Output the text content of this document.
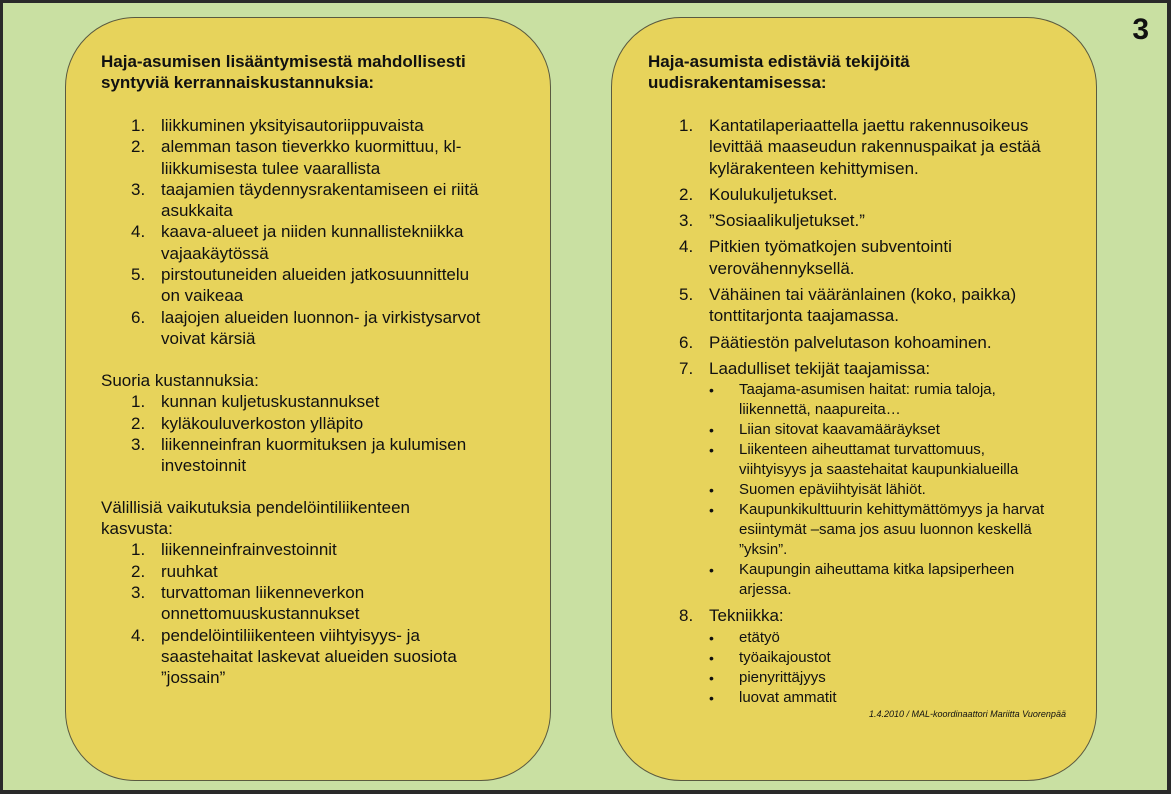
3
Haja-asumisen lisääntymisestä mahdollisesti
syntyviä kerrannaiskustannuksia:
1. liikkuminen yksityisautoriippuvaista
2. alemman tason tieverkko kuormittuu, kl-
liikkumisesta tulee vaarallista
3. taajamien täydennysrakentamiseen ei riitä
asukkaita
4. kaava-alueet ja niiden kunnallistekniikka
vajaakäytössä
5. pirstoutuneiden alueiden jatkosuunnittelu
on vaikeaa
6. laajojen alueiden luonnon- ja virkistysarvot
voivat kärsiä
Suoria kustannuksia:
1. kunnan kuljetuskustannukset
2. kyläkouluverkoston ylläpito
3. liikenneinfran kuormituksen ja kulumisen
investoinnit
Välillisiä vaikutuksia pendelöintiliikenteen
kasvusta:
1. liikenneinfrainvestoinnit
2. ruuhkat
3. turvattoman liikenneverkon
onnettomuuskustannukset
4. pendelöintiliikenteen viihtyisyys- ja
saastehaitat laskevat alueiden suosiota
”jossain”
Haja-asumista edistäviä tekijöitä
uudisrakentamisessa:
1. Kantatilaperiaattella jaettu rakennusoikeus
levittää maaseudun rakennuspaikat ja estää
kylärakenteen kehittymisen.
2. Koulukuljetukset.
3. ”Sosiaalikuljetukset.”
4. Pitkien työmatkojen subventointi
verovähennyksellä.
5. Vähäinen tai vääränlainen (koko, paikka)
tonttitarjonta taajamassa.
6. Päätiestön palvelutason kohoaminen.
7. Laadulliset tekijät taajamissa:
• Taajama-asumisen haitat: rumia taloja,
liikennettä, naapureita…
• Liian sitovat kaavamääräykset
• Liikenteen aiheuttamat turvattomuus,
viihtyisyys ja saastehaitat kaupunkialueilla
• Suomen epäviihtyisät lähiöt.
• Kaupunkikulttuurin kehittymättömyys ja harvat
esiintymät –sama jos asuu luonnon keskellä
”yksin”.
• Kaupungin aiheuttama kitka lapsiperheen
arjessa.
8. Tekniikka:
• etätyö
• työaikajoustot
• pienyrittäjyys
• luovat ammatit
1.4.2010 / MAL-koordinaattori Mariitta Vuorenpää
